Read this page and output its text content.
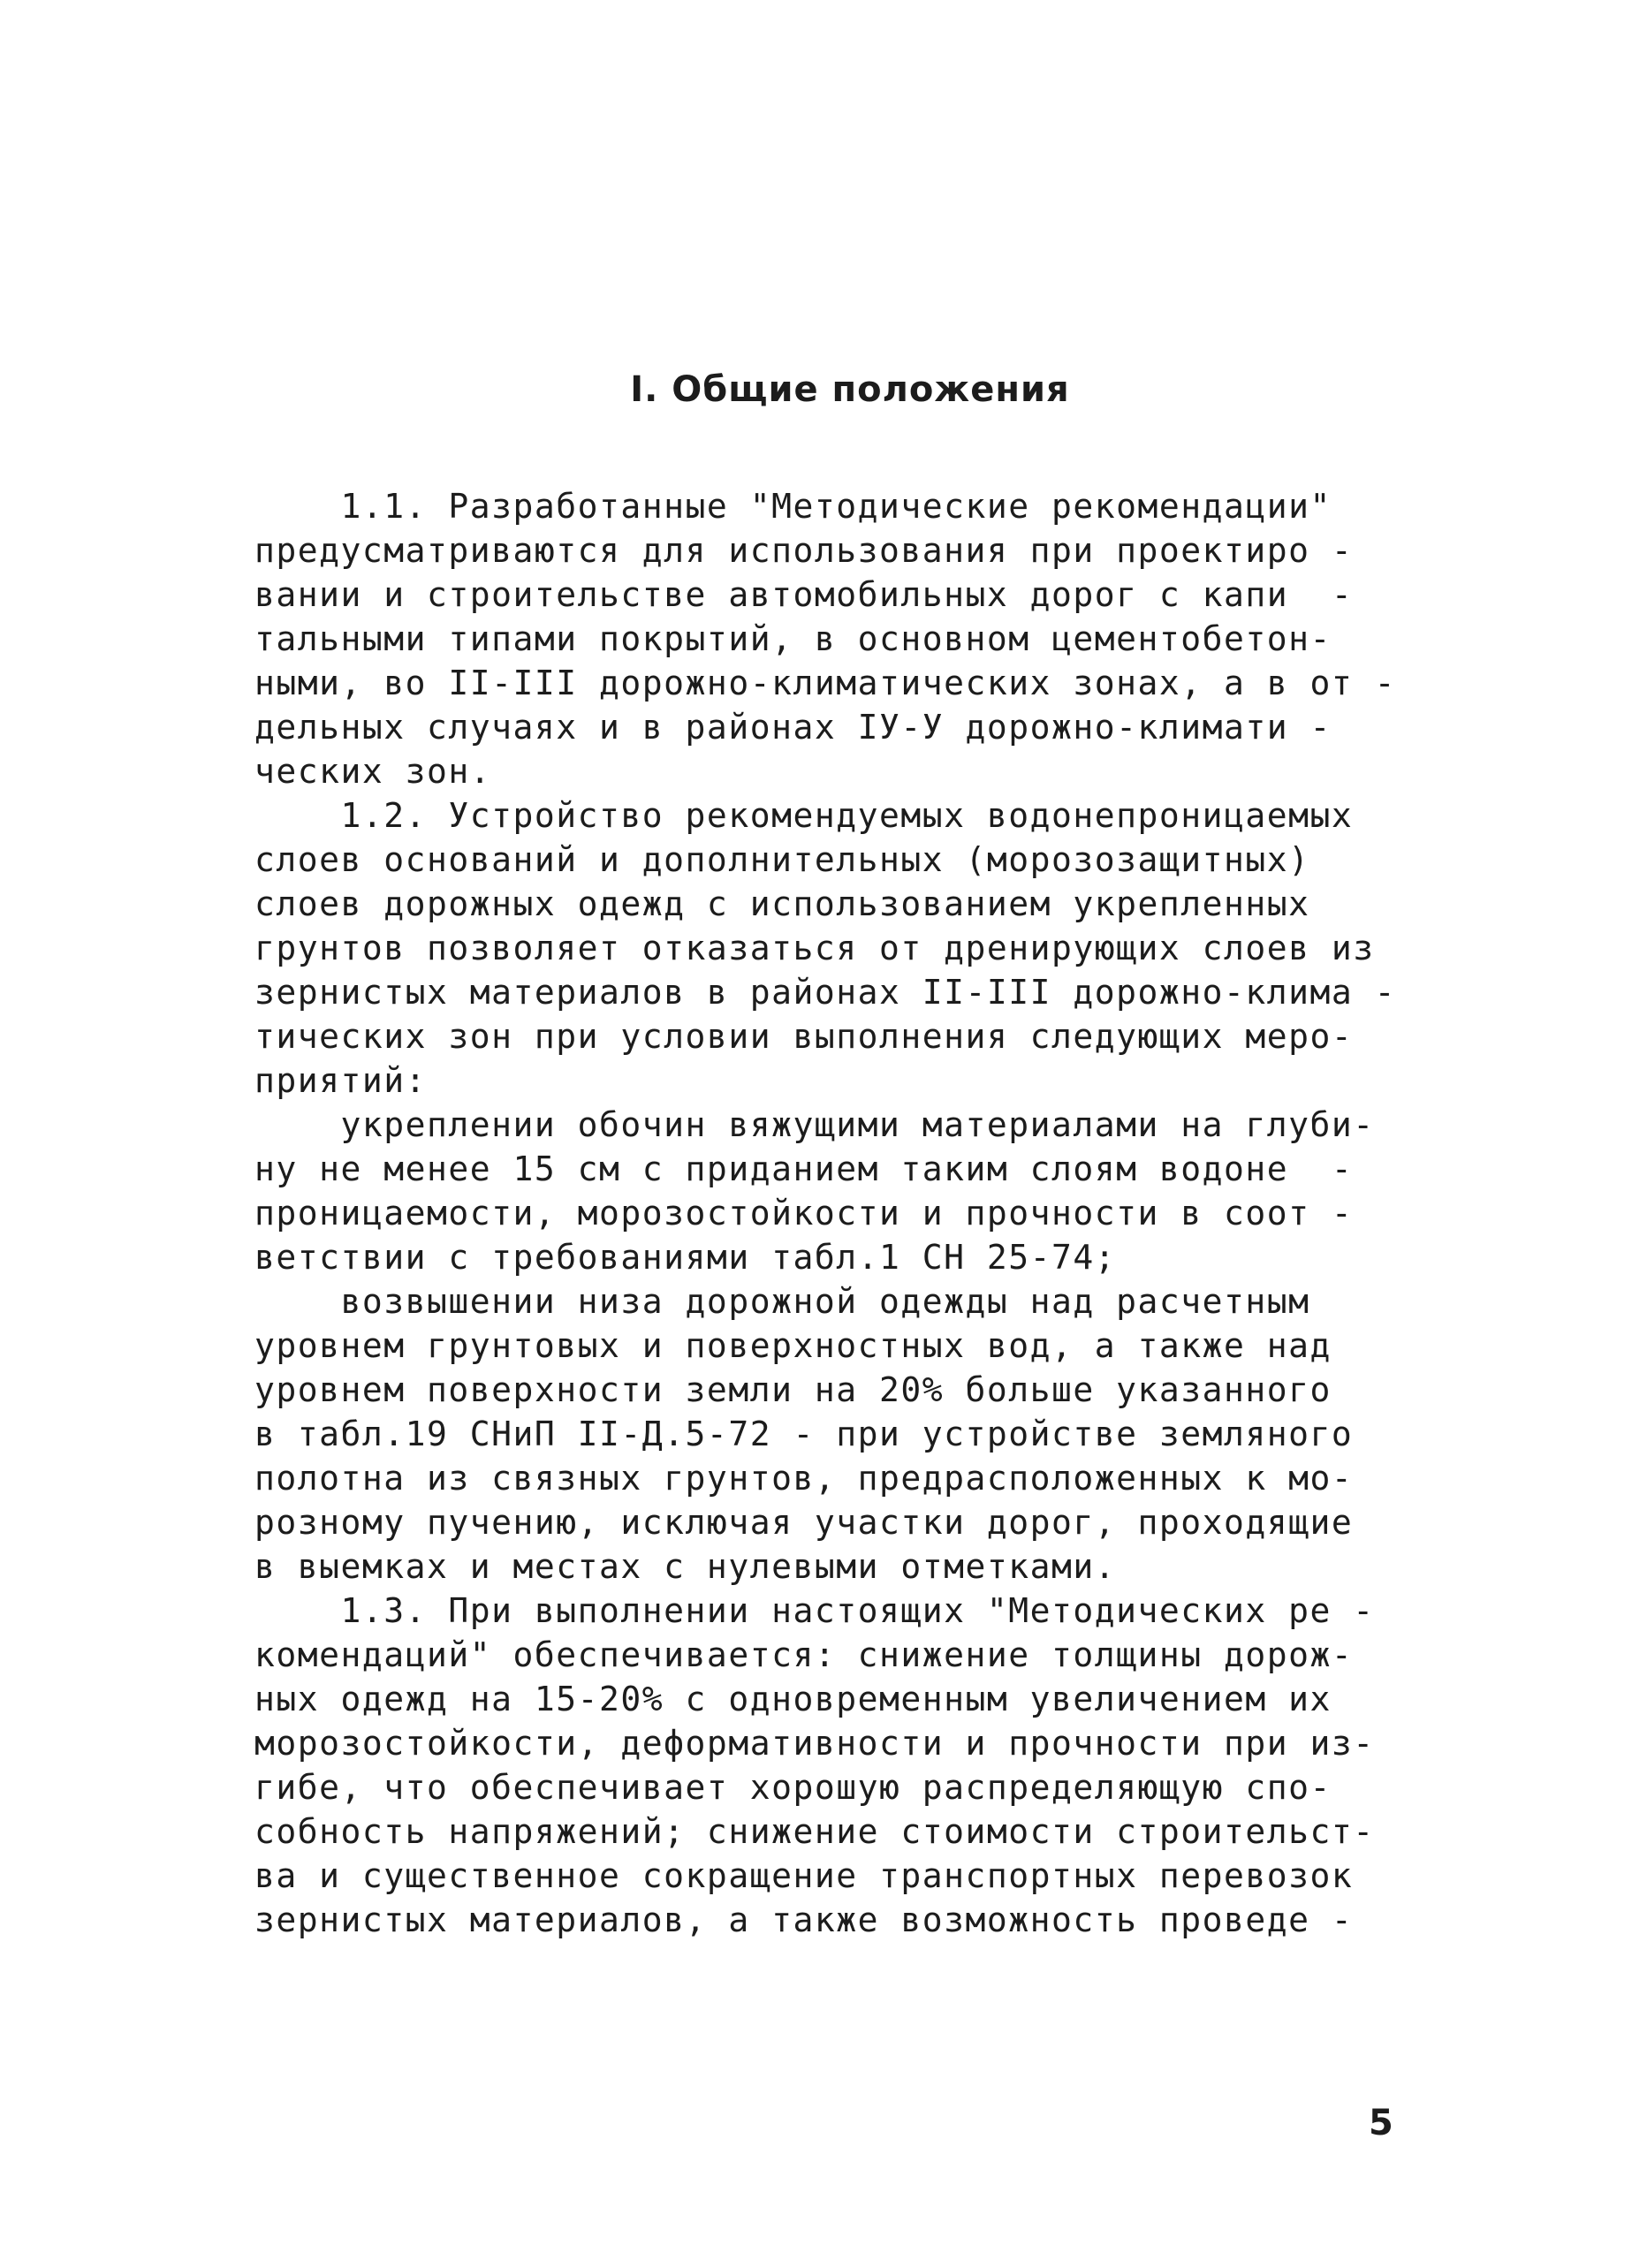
I. Общие положения
1.1. Разработанные "Методические рекомендации"
предусматриваются для использования при проектиро -
вании и строительстве автомобильных дорог с капи  -
тальными типами покрытий, в основном цементобетон-
ными, во II-III дорожно-климатических зонах, а в от -
дельных случаях и в районах IУ-У дорожно-климати -
ческих зон.
1.2. Устройство рекомендуемых водонепроницаемых
слоев оснований и дополнительных (морозозащитных)
слоев дорожных одежд с использованием укрепленных
грунтов позволяет отказаться от дренирующих слоев из
зернистых материалов в районах II-III дорожно-клима -
тических зон при условии выполнения следующих меро-
приятий:
укреплении обочин вяжущими материалами на глуби-
ну не менее 15 см с приданием таким слоям водоне  -
проницаемости, морозостойкости и прочности в соот -
ветствии с требованиями табл.1 СН 25-74;
возвышении низа дорожной одежды над расчетным
уровнем грунтовых и поверхностных вод, а также над
уровнем поверхности земли на 20% больше указанного
в табл.19 СНиП II-Д.5-72 - при устройстве земляного
полотна из связных грунтов, предрасположенных к мо-
розному пучению, исключая участки дорог, проходящие
в выемках и местах с нулевыми отметками.
1.3. При выполнении настоящих "Методических ре -
комендаций" обеспечивается: снижение толщины дорож-
ных одежд на 15-20% с одновременным увеличением их
морозостойкости, деформативности и прочности при из-
гибе, что обеспечивает хорошую распределяющую спо-
собность напряжений; снижение стоимости строительст-
ва и существенное сокращение транспортных перевозок
зернистых материалов, а также возможность проведе -
5
